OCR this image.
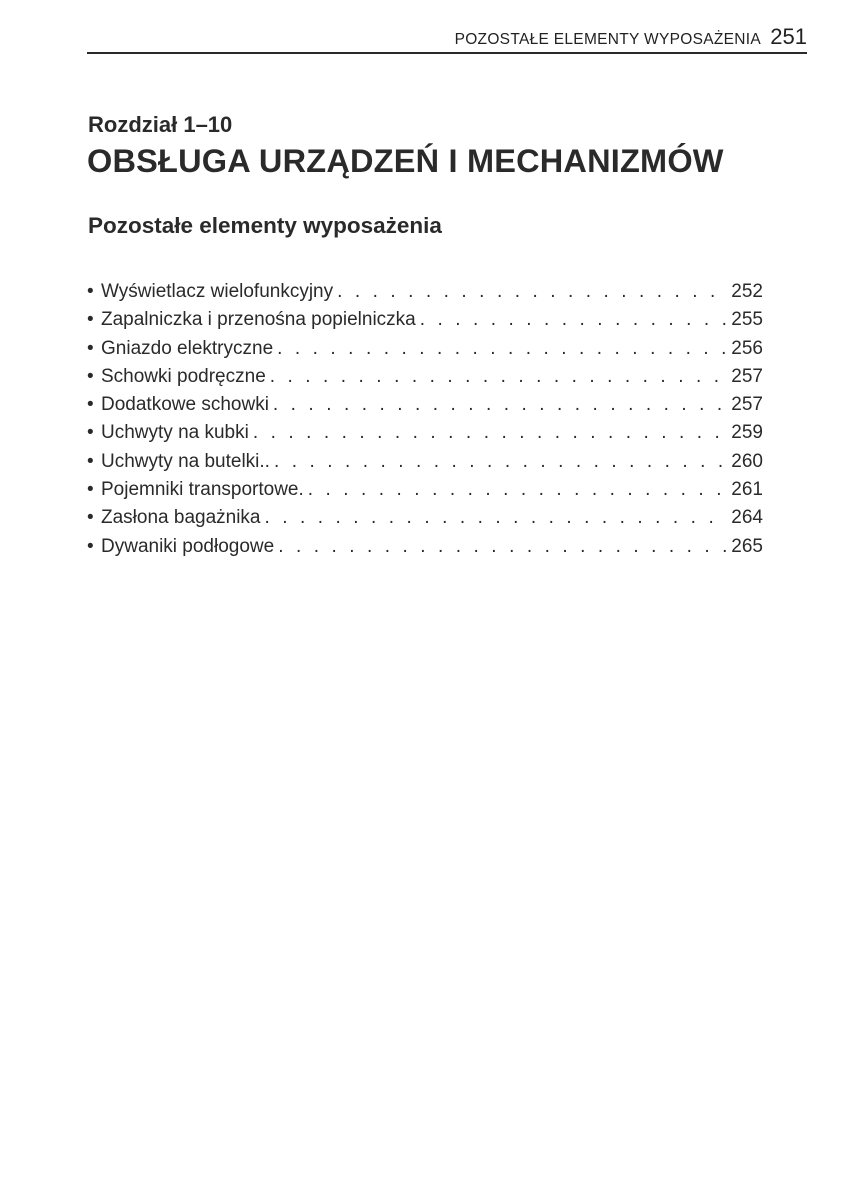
POZOSTAŁE ELEMENTY WYPOSAŻENIA 251
Rozdział 1–10
OBSŁUGA URZĄDZEŃ I MECHANIZMÓW
Pozostałe elementy wyposażenia
• Wyświetlacz wielofunkcyjny . . .	252
• Zapalniczka i przenośna popielniczka . . .	255
• Gniazdo elektryczne . . .	256
• Schowki podręczne . . .	257
• Dodatkowe schowki . . .	257
• Uchwyty na kubki . . .	259
• Uchwyty na butelki.. . . .	260
• Pojemniki transportowe. . . .	261
• Zasłona bagażnika . . .	264
• Dywaniki podłogowe . . .	265
